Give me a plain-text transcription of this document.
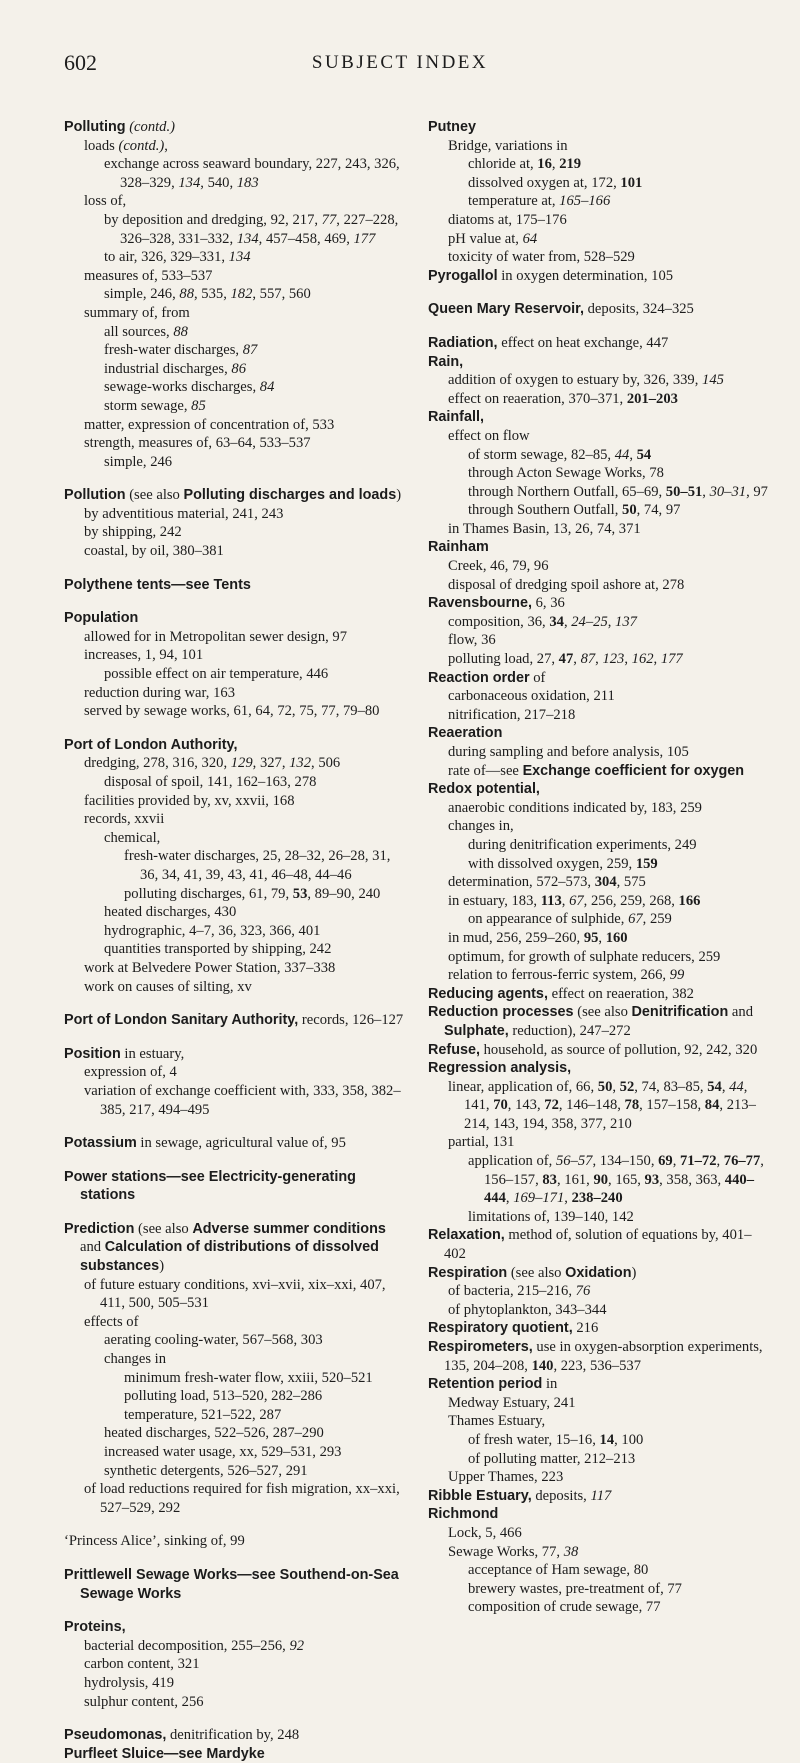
602	SUBJECT INDEX
Polluting (contd.)
loads (contd.),
exchange across seaward boundary, 227, 243, 326, 328–329, 134, 540, 183
loss of,
by deposition and dredging, 92, 217, 77, 227–228, 326–328, 331–332, 134, 457–458, 469, 177
to air, 326, 329–331, 134
measures of, 533–537
simple, 246, 88, 535, 182, 557, 560
summary of, from
all sources, 88
fresh-water discharges, 87
industrial discharges, 86
sewage-works discharges, 84
storm sewage, 85
matter, expression of concentration of, 533
strength, measures of, 63–64, 533–537
simple, 246
Pollution (see also Polluting discharges and loads)
by adventitious material, 241, 243
by shipping, 242
coastal, by oil, 380–381
Polythene tents—see Tents
Population
allowed for in Metropolitan sewer design, 97
increases, 1, 94, 101
possible effect on air temperature, 446
reduction during war, 163
served by sewage works, 61, 64, 72, 75, 77, 79–80
Port of London Authority,
dredging, 278, 316, 320, 129, 327, 132, 506
disposal of spoil, 141, 162–163, 278
facilities provided by, xv, xxvii, 168
records, xxvii
chemical,
fresh-water discharges, 25, 28–32, 26–28, 31, 36, 34, 41, 39, 43, 41, 46–48, 44–46
polluting discharges, 61, 79, 53, 89–90, 240
heated discharges, 430
hydrographic, 4–7, 36, 323, 366, 401
quantities transported by shipping, 242
work at Belvedere Power Station, 337–338
work on causes of silting, xv
Port of London Sanitary Authority, records, 126–127
Position in estuary,
expression of, 4
variation of exchange coefficient with, 333, 358, 382–385, 217, 494–495
Potassium in sewage, agricultural value of, 95
Power stations—see Electricity-generating stations
Prediction (see also Adverse summer conditions and Calculation of distributions of dissolved substances)
of future estuary conditions, xvi–xvii, xix–xxi, 407, 411, 500, 505–531
effects of
aerating cooling-water, 567–568, 303
changes in
minimum fresh-water flow, xxiii, 520–521
polluting load, 513–520, 282–286
temperature, 521–522, 287
heated discharges, 522–526, 287–290
increased water usage, xx, 529–531, 293
synthetic detergents, 526–527, 291
of load reductions required for fish migration, xx–xxi, 527–529, 292
‘Princess Alice’, sinking of, 99
Prittlewell Sewage Works—see Southend-on-Sea Sewage Works
Proteins,
bacterial decomposition, 255–256, 92
carbon content, 321
hydrolysis, 419
sulphur content, 256
Pseudomonas, denitrification by, 248
Purfleet Sluice—see Mardyke
Putney
Bridge, variations in
chloride at, 16, 219
dissolved oxygen at, 172, 101
temperature at, 165–166
diatoms at, 175–176
pH value at, 64
toxicity of water from, 528–529
Pyrogallol in oxygen determination, 105
Queen Mary Reservoir, deposits, 324–325
Radiation, effect on heat exchange, 447
Rain,
addition of oxygen to estuary by, 326, 339, 145
effect on reaeration, 370–371, 201–203
Rainfall,
effect on flow
of storm sewage, 82–85, 44, 54
through Acton Sewage Works, 78
through Northern Outfall, 65–69, 50–51, 30–31, 97
through Southern Outfall, 50, 74, 97
in Thames Basin, 13, 26, 74, 371
Rainham
Creek, 46, 79, 96
disposal of dredging spoil ashore at, 278
Ravensbourne, 6, 36
composition, 36, 34, 24–25, 137
flow, 36
polluting load, 27, 47, 87, 123, 162, 177
Reaction order of
carbonaceous oxidation, 211
nitrification, 217–218
Reaeration
during sampling and before analysis, 105
rate of—see Exchange coefficient for oxygen
Redox potential,
anaerobic conditions indicated by, 183, 259
changes in,
during denitrification experiments, 249
with dissolved oxygen, 259, 159
determination, 572–573, 304, 575
in estuary, 183, 113, 67, 256, 259, 268, 166
on appearance of sulphide, 67, 259
in mud, 256, 259–260, 95, 160
optimum, for growth of sulphate reducers, 259
relation to ferrous-ferric system, 266, 99
Reducing agents, effect on reaeration, 382
Reduction processes (see also Denitrification and Sulphate, reduction), 247–272
Refuse, household, as source of pollution, 92, 242, 320
Regression analysis,
linear, application of, 66, 50, 52, 74, 83–85, 54, 44, 141, 70, 143, 72, 146–148, 78, 157–158, 84, 213–214, 143, 194, 358, 377, 210
partial, 131
application of, 56–57, 134–150, 69, 71–72, 76–77, 156–157, 83, 161, 90, 165, 93, 358, 363, 440–444, 169–171, 238–240
limitations of, 139–140, 142
Relaxation, method of, solution of equations by, 401–402
Respiration (see also Oxidation)
of bacteria, 215–216, 76
of phytoplankton, 343–344
Respiratory quotient, 216
Respirometers, use in oxygen-absorption experiments, 135, 204–208, 140, 223, 536–537
Retention period in
Medway Estuary, 241
Thames Estuary,
of fresh water, 15–16, 14, 100
of polluting matter, 212–213
Upper Thames, 223
Ribble Estuary, deposits, 117
Richmond
Lock, 5, 466
Sewage Works, 77, 38
acceptance of Ham sewage, 80
brewery wastes, pre-treatment of, 77
composition of crude sewage, 77
